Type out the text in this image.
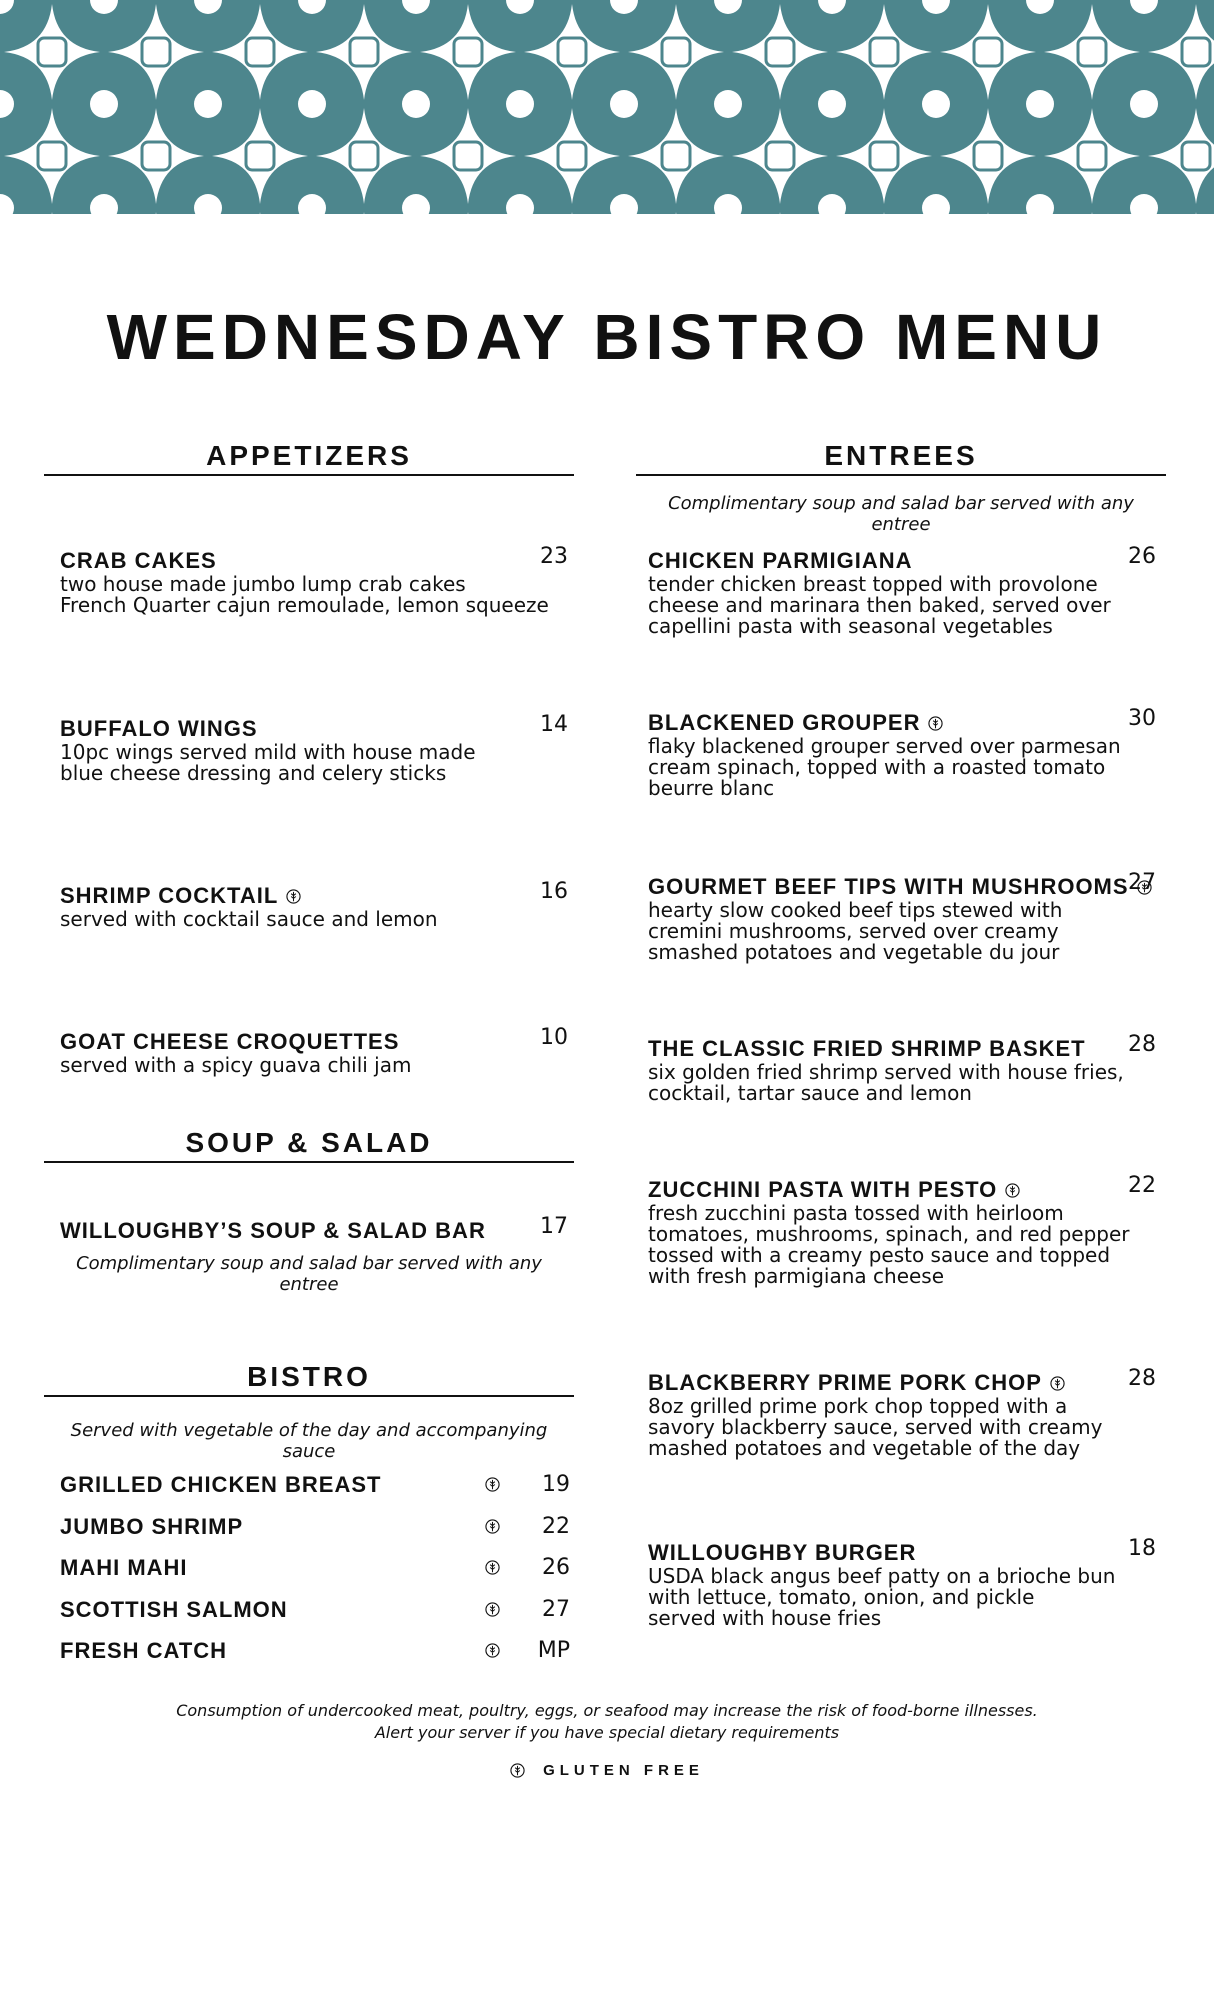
WEDNESDAY BISTRO MENU
APPETIZERS
CRAB CAKES	23
two house made jumbo lump crab cakes
French Quarter cajun remoulade, lemon squeeze
BUFFALO WINGS	14
10pc wings served mild with house made
blue cheese dressing and celery sticks
SHRIMP COCKTAIL	16
served with cocktail sauce and lemon
GOAT CHEESE CROQUETTES	10
served with a spicy guava chili jam
SOUP & SALAD
WILLOUGHBY’S SOUP & SALAD BAR 17
Complimentary soup and salad bar served with any entree
BISTRO
Served with vegetable of the day and accompanying sauce
GRILLED CHICKEN BREAST	19
JUMBO SHRIMP	22
MAHI MAHI	26
SCOTTISH SALMON	27
FRESH CATCH	MP
ENTREES
Complimentary soup and salad bar served with any entree
CHICKEN PARMIGIANA	26
tender chicken breast topped with provolone
cheese and marinara then baked, served over
capellini pasta with seasonal vegetables
BLACKENED GROUPER	30
flaky blackened grouper served over parmesan
cream spinach, topped with a roasted tomato
beurre blanc
GOURMET BEEF TIPS WITH MUSHROOMS 27
hearty slow cooked beef tips stewed with
cremini mushrooms, served over creamy
smashed potatoes and vegetable du jour
THE CLASSIC FRIED SHRIMP BASKET 28
six golden fried shrimp served with house fries,
cocktail, tartar sauce and lemon
ZUCCHINI PASTA WITH PESTO	22
fresh zucchini pasta tossed with heirloom
tomatoes, mushrooms, spinach, and red pepper
tossed with a creamy pesto sauce and topped
with fresh parmigiana cheese
BLACKBERRY PRIME PORK CHOP	28
8oz grilled prime pork chop topped with a
savory blackberry sauce, served with creamy
mashed potatoes and vegetable of the day
WILLOUGHBY BURGER	18
USDA black angus beef patty on a brioche bun
with lettuce, tomato, onion, and pickle
served with house fries
Consumption of undercooked meat, poultry, eggs, or seafood may increase the risk of food-borne illnesses.
Alert your server if you have special dietary requirements
GLUTEN FREE
